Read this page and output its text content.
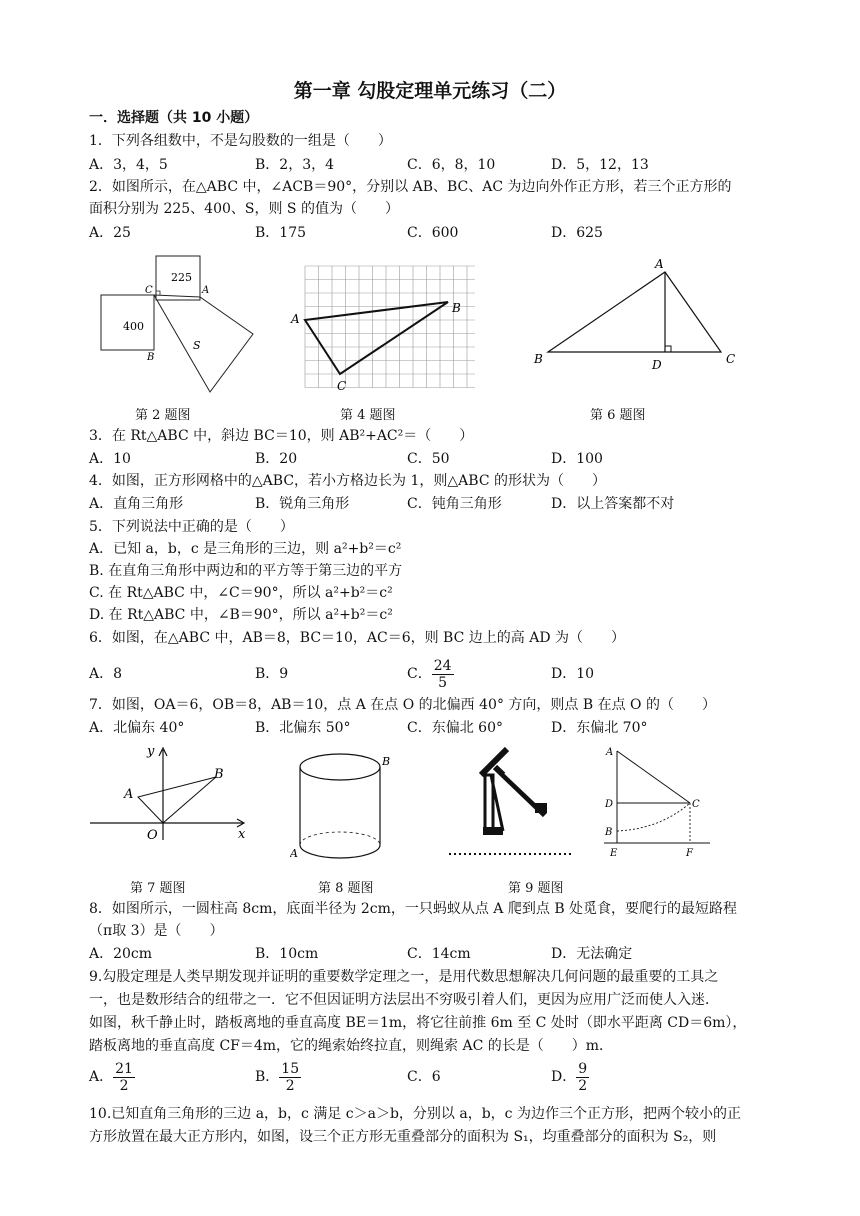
第一章 勾股定理单元练习（二）
一．选择题（共 10 小题）
1．下列各组数中，不是勾股数的一组是（　　）
A．3，4，5	B．2，3，4	C．6，8，10	D．5，12，13
2．如图所示，在△ABC 中，∠ACB＝90°，分别以 AB、BC、AC 为边向外作正方形，若三个正方形的
面积分别为 225、400、S，则 S 的值为（　　）
A．25	B．175	C．600	D．625
225
400
S
C	A
B
A
B
C
A
B	C
D
第 2 题图	第 4 题图	第 6 题图
3．在 Rt△ABC 中，斜边 BC＝10，则 AB²+AC²＝（　　）
A．10	B．20	C．50	D．100
4．如图，正方形网格中的△ABC，若小方格边长为 1，则△ABC 的形状为（　　）
A．直角三角形	B．锐角三角形	C．钝角三角形	D．以上答案都不对
5．下列说法中正确的是（　　）
A．已知 a，b，c 是三角形的三边，则 a²+b²＝c²
B. 在直角三角形中两边和的平方等于第三边的平方
C. 在 Rt△ABC 中，∠C＝90°，所以 a²+b²＝c²
D. 在 Rt△ABC 中，∠B＝90°，所以 a²+b²＝c²
6．如图，在△ABC 中，AB＝8，BC＝10，AC＝6，则 BC 边上的高 AD 为（　　）
A．8	B．9	C． $\frac{24}{5}$	D．10
7．如图，OA＝6，OB＝8，AB＝10，点 A 在点 O 的北偏西 40° 方向，则点 B 在点 O 的（　　）
A．北偏东 40°	B．北偏东 50°	C．东偏北 60°	D．东偏北 70°
y
x
O
A
B
B
A
A
D	C
B
E	F
第 7 题图	第 8 题图	第 9 题图
8．如图所示，一圆柱高 8cm，底面半径为 2cm，一只蚂蚁从点 A 爬到点 B 处觅食，要爬行的最短路程
（π取 3）是（　　）
A．20cm	B．10cm	C．14cm	D．无法确定
9.勾股定理是人类早期发现并证明的重要数学定理之一，是用代数思想解决几何问题的最重要的工具之
一，也是数形结合的纽带之一．它不但因证明方法层出不穷吸引着人们，更因为应用广泛而使人入迷．
如图，秋千静止时，踏板离地的垂直高度 BE＝1m，将它往前推 6m 至 C 处时（即水平距离 CD＝6m），
踏板离地的垂直高度 CF＝4m，它的绳索始终拉直，则绳索 AC 的长是（　　）m．
A． $\frac{21}{2}$	B． $\frac{15}{2}$	C．6	D． $\frac{9}{2}$
10.已知直角三角形的三边 a，b，c 满足 c＞a＞b，分别以 a，b，c 为边作三个正方形，把两个较小的正
方形放置在最大正方形内，如图，设三个正方形无重叠部分的面积为 S₁，均重叠部分的面积为 S₂，则
